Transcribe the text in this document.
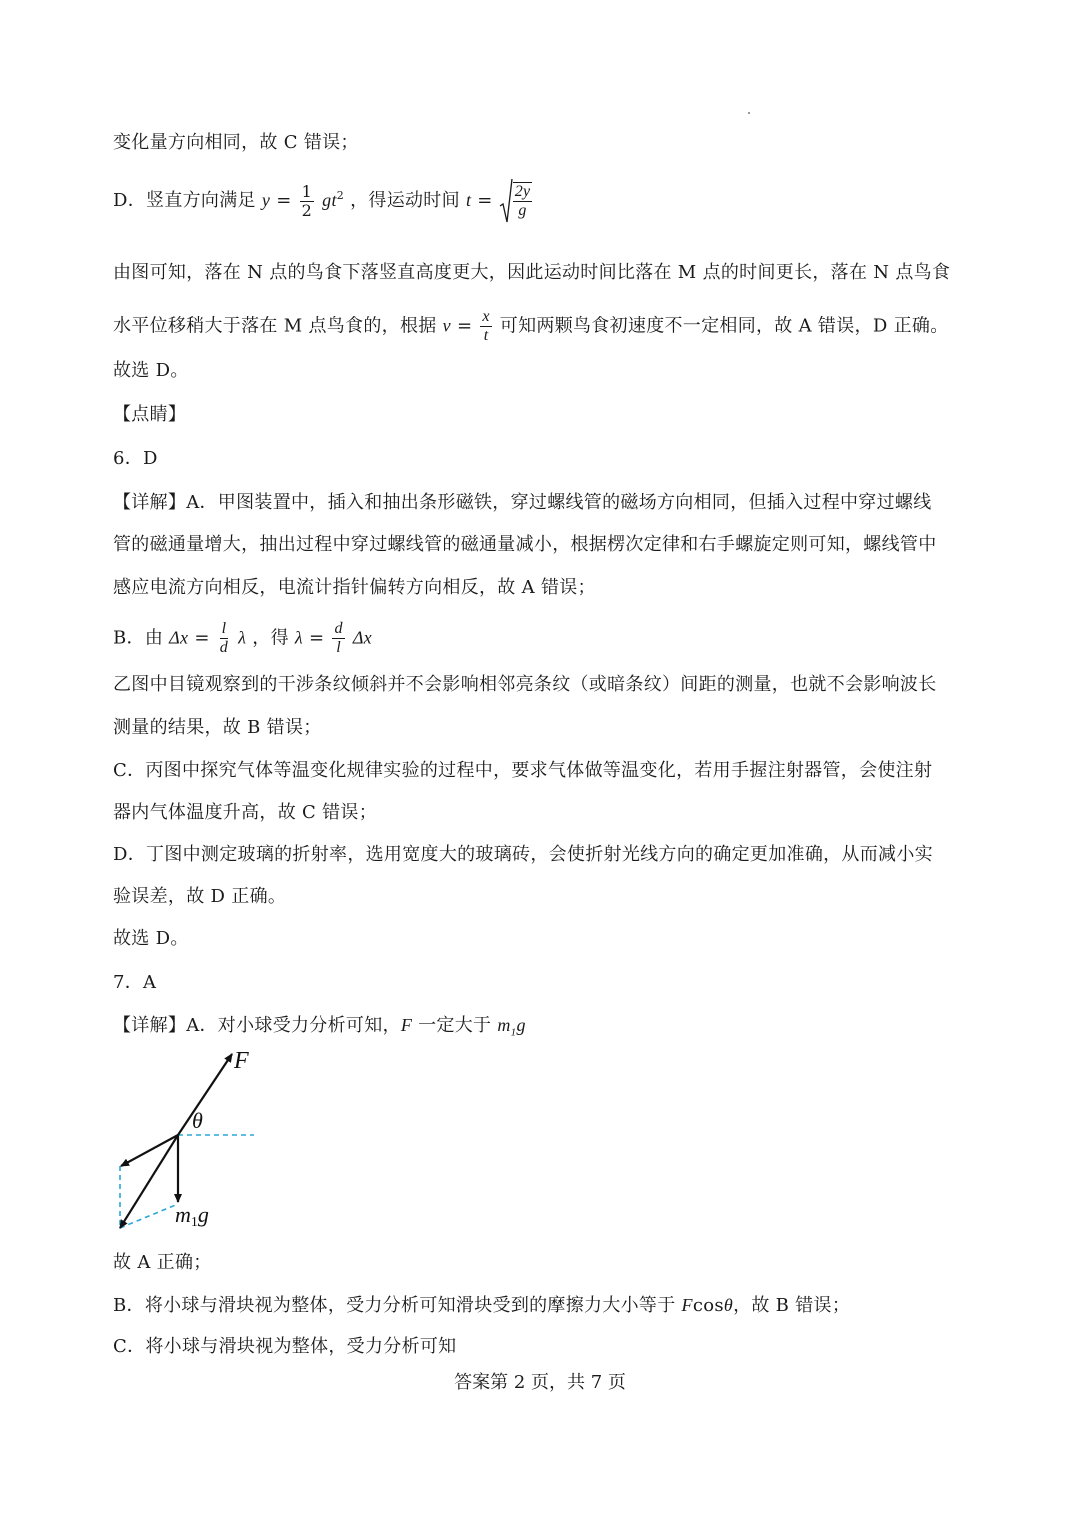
变化量方向相同，故 C 错误；
D．竖直方向满足 $y = \frac{1}{2} gt^2$ ，得运动时间 $t = \frac{2y}{g}$
由图可知，落在 N 点的鸟食下落竖直高度更大，因此运动时间比落在 M 点的时间更长，落在 N 点鸟食
水平位移稍大于落在 M 点鸟食的，根据 $v = \frac{x}{t}$ 可知两颗鸟食初速度不一定相同，故 A 错误，D 正确。
故选 D。
【点睛】
6．D
【详解】A．甲图装置中，插入和抽出条形磁铁，穿过螺线管的磁场方向相同，但插入过程中穿过螺线
管的磁通量增大，抽出过程中穿过螺线管的磁通量减小，根据楞次定律和右手螺旋定则可知，螺线管中
感应电流方向相反，电流计指针偏转方向相反，故 A 错误；
B．由 $\Delta x = \frac{l}{d}$ λ ，得 $\lambda = \frac{d}{l}$ Δx
乙图中目镜观察到的干涉条纹倾斜并不会影响相邻亮条纹（或暗条纹）间距的测量，也就不会影响波长
测量的结果，故 B 错误；
C．丙图中探究气体等温变化规律实验的过程中，要求气体做等温变化，若用手握注射器管，会使注射
器内气体温度升高，故 C 错误；
D．丁图中测定玻璃的折射率，选用宽度大的玻璃砖，会使折射光线方向的确定更加准确，从而减小实
验误差，故 D 正确。
故选 D。
7．A
【详解】A．对小球受力分析可知，F 一定大于 $m_1g$
F
θ
m1g
故 A 正确；
B．将小球与滑块视为整体，受力分析可知滑块受到的摩擦力大小等于 Fcosθ，故 B 错误；
C．将小球与滑块视为整体，受力分析可知
答案第 2 页，共 7 页
